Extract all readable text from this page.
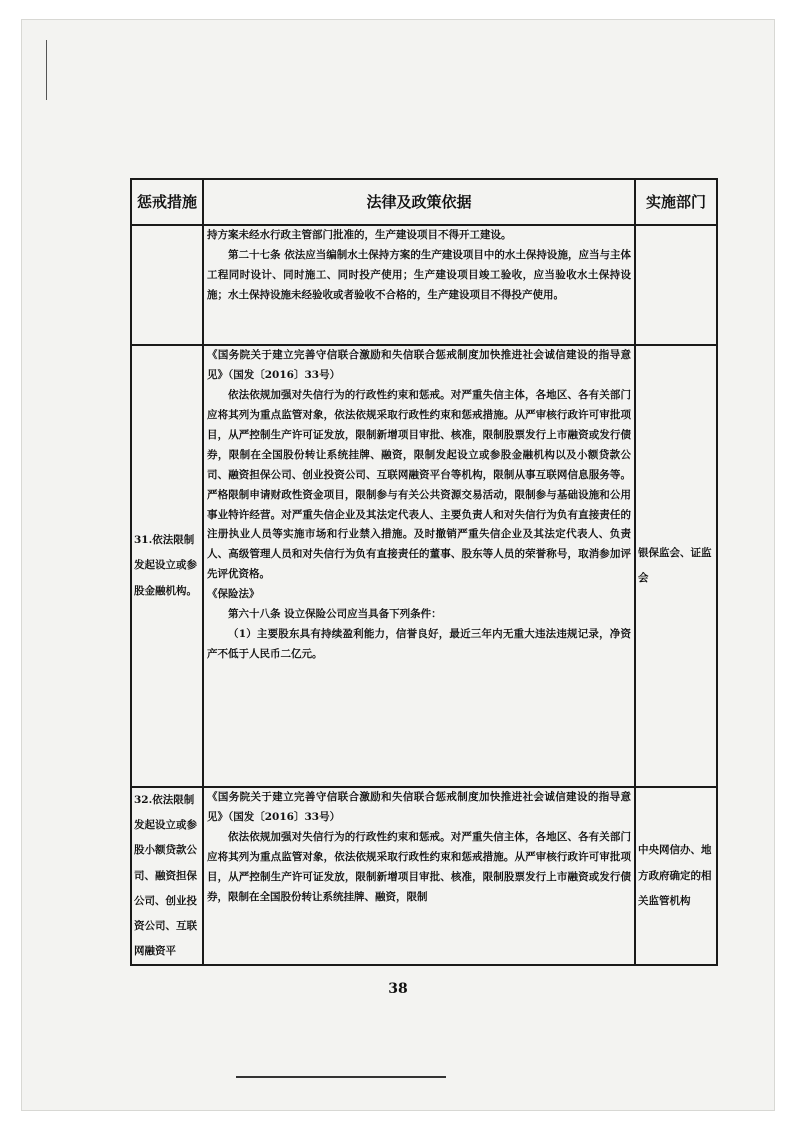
惩戒措施	法律及政策依据	实施部门

	持方案未经水行政主管部门批准的，生产建设项目不得开工建设。

第二十七条 依法应当编制水土保持方案的生产建设项目中的水土保持设施，应当与主体工程同时设计、同时施工、同时投产使用；生产建设项目竣工验收，应当验收水土保持设施；水土保持设施未经验收或者验收不合格的，生产建设项目不得投产使用。	

31.依法限制发起设立或参股金融机构。	《国务院关于建立完善守信联合激励和失信联合惩戒制度加快推进社会诚信建设的指导意见》（国发〔2016〕33号）

依法依规加强对失信行为的行政性约束和惩戒。对严重失信主体，各地区、各有关部门应将其列为重点监管对象，依法依规采取行政性约束和惩戒措施。从严审核行政许可审批项目，从严控制生产许可证发放，限制新增项目审批、核准，限制股票发行上市融资或发行债券，限制在全国股份转让系统挂牌、融资，限制发起设立或参股金融机构以及小额贷款公司、融资担保公司、创业投资公司、互联网融资平台等机构，限制从事互联网信息服务等。严格限制申请财政性资金项目，限制参与有关公共资源交易活动，限制参与基础设施和公用事业特许经营。对严重失信企业及其法定代表人、主要负责人和对失信行为负有直接责任的注册执业人员等实施市场和行业禁入措施。及时撤销严重失信企业及其法定代表人、负责人、高级管理人员和对失信行为负有直接责任的董事、股东等人员的荣誉称号，取消参加评先评优资格。

《保险法》

第六十八条 设立保险公司应当具备下列条件：

（1）主要股东具有持续盈利能力，信誉良好，最近三年内无重大违法违规记录，净资产不低于人民币二亿元。	银保监会、证监会
32.依法限制发起设立或参股小额贷款公司、融资担保公司、创业投资公司、互联网融资平	《国务院关于建立完善守信联合激励和失信联合惩戒制度加快推进社会诚信建设的指导意见》（国发〔2016〕33号）

依法依规加强对失信行为的行政性约束和惩戒。对严重失信主体，各地区、各有关部门应将其列为重点监管对象，依法依规采取行政性约束和惩戒措施。从严审核行政许可审批项目，从严控制生产许可证发放，限制新增项目审批、核准，限制股票发行上市融资或发行债券，限制在全国股份转让系统挂牌、融资，限制	中央网信办、地方政府确定的相关监管机构
38
